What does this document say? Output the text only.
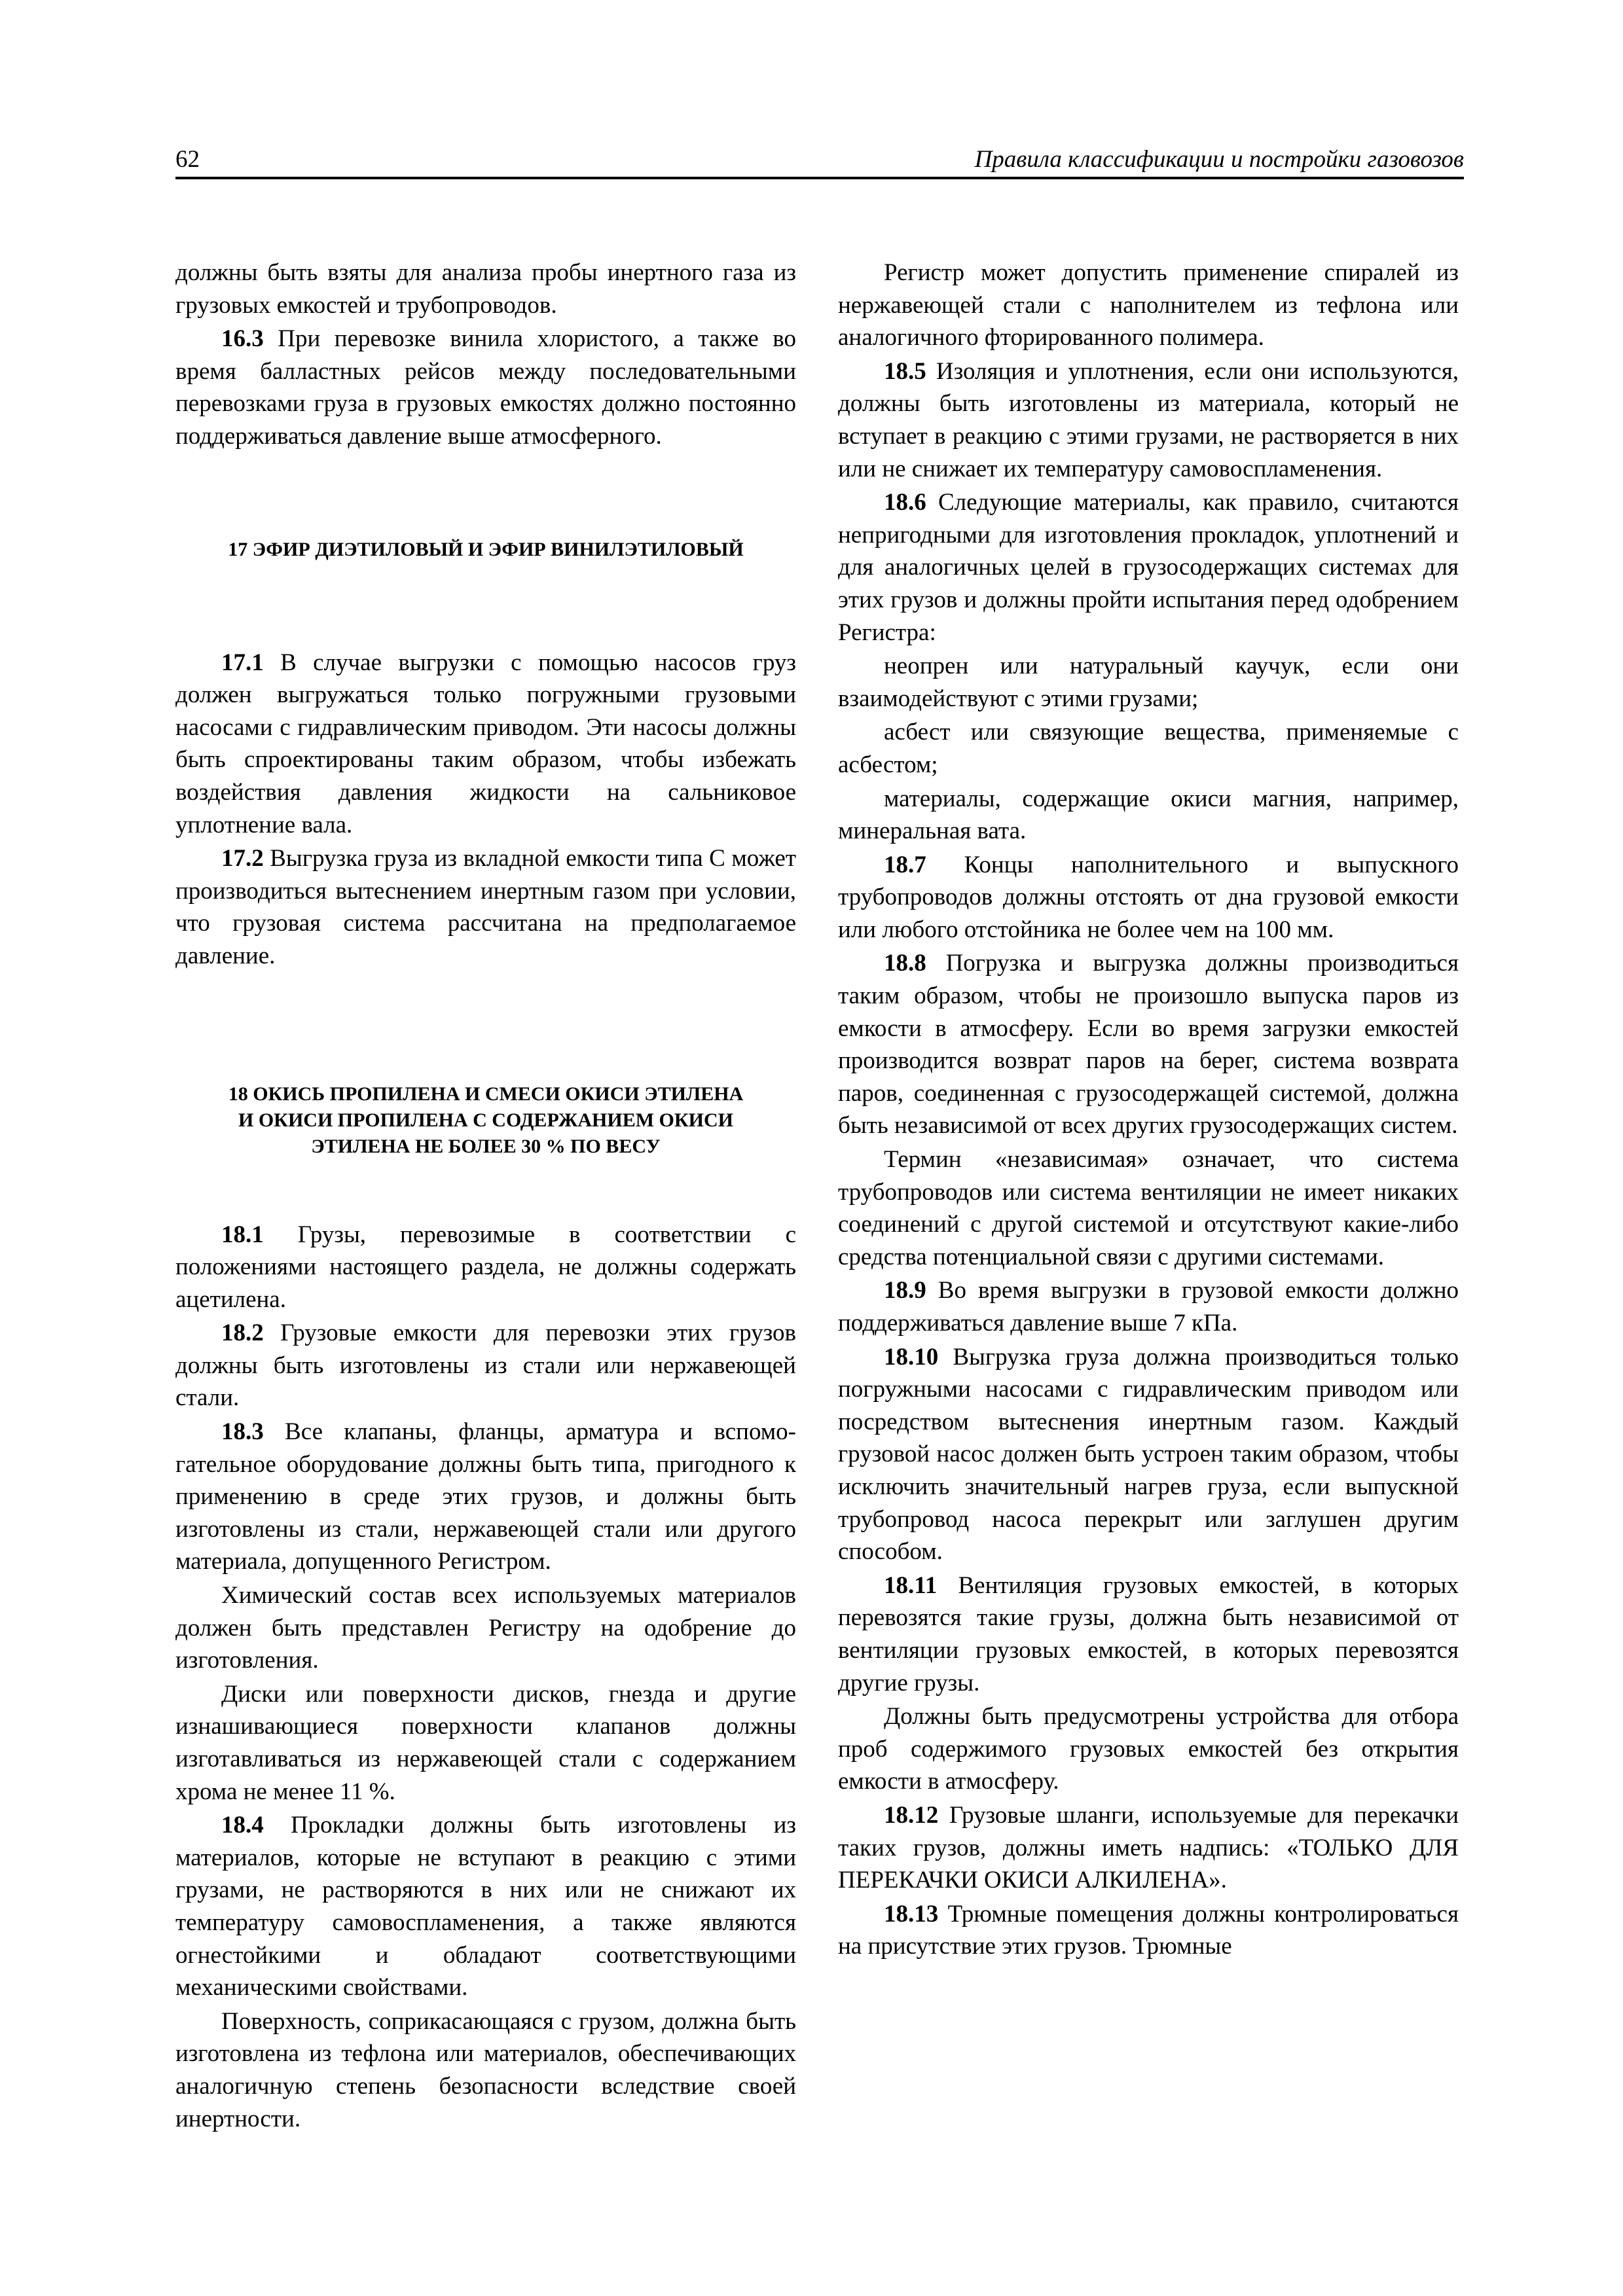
62	Правила классификации и постройки газовозов

должны быть взяты для анализа пробы инертного газа из грузовых емкостей и трубопроводов.

16.3 При перевозке винила хлористого, а также во время балластных рейсов между последовательными перевозками груза в грузовых емкостях должно постоянно поддерживаться давление выше атмосферного.

17 ЭФИР ДИЭТИЛОВЫЙ И ЭФИР ВИНИЛЭТИЛОВЫЙ

17.1 В случае выгрузки с помощью насосов груз должен выгружаться только погружными грузовыми насосами с гидравлическим приводом. Эти насосы должны быть спроектированы таким образом, чтобы избежать воздействия давления жидкости на сальниковое уплотнение вала.

17.2 Выгрузка груза из вкладной емкости типа С может производиться вытеснением инертным газом при условии, что грузовая система рассчитана на предполагаемое давление.

18 ОКИСЬ ПРОПИЛЕНА И СМЕСИ ОКИСИ ЭТИЛЕНА
И ОКИСИ ПРОПИЛЕНА С СОДЕРЖАНИЕМ ОКИСИ
ЭТИЛЕНА НЕ БОЛЕЕ 30 % ПО ВЕСУ

18.1 Грузы, перевозимые в соответствии с положениями настоящего раздела, не должны содержать ацетилена.

18.2 Грузовые емкости для перевозки этих грузов должны быть изготовлены из стали или нержавеющей стали.

18.3 Все клапаны, фланцы, арматура и вспомогательное оборудование должны быть типа, пригодного к применению в среде этих грузов, и должны быть изготовлены из стали, нержавеющей стали или другого материала, допущенного Регистром.

Химический состав всех используемых материалов должен быть представлен Регистру на одобрение до изготовления.

Диски или поверхности дисков, гнезда и другие изнашивающиеся поверхности клапанов должны изготавливаться из нержавеющей стали с содержанием хрома не менее 11 %.

18.4 Прокладки должны быть изготовлены из материалов, которые не вступают в реакцию с этими грузами, не растворяются в них или не снижают их температуру самовоспламенения, а также являются огнестойкими и обладают соответствующими механическими свойствами.

Поверхность, соприкасающаяся с грузом, должна быть изготовлена из тефлона или материалов, обеспечивающих аналогичную степень безопасности вследствие своей инертности.

Регистр может допустить применение спиралей из нержавеющей стали с наполнителем из тефлона или аналогичного фторированного полимера.

18.5 Изоляция и уплотнения, если они используются, должны быть изготовлены из материала, который не вступает в реакцию с этими грузами, не растворяется в них или не снижает их температуру самовоспламенения.

18.6 Следующие материалы, как правило, считаются непригодными для изготовления прокладок, уплотнений и для аналогичных целей в грузосодержащих системах для этих грузов и должны пройти испытания перед одобрением Регистра:

неопрен или натуральный каучук, если они взаимодействуют с этими грузами;

асбест или связующие вещества, применяемые с асбестом;

материалы, содержащие окиси магния, например, минеральная вата.

18.7 Концы наполнительного и выпускного трубопроводов должны отстоять от дна грузовой емкости или любого отстойника не более чем на 100 мм.

18.8 Погрузка и выгрузка должны производиться таким образом, чтобы не произошло выпуска паров из емкости в атмосферу. Если во время загрузки емкостей производится возврат паров на берег, система возврата паров, соединенная с грузосодержащей системой, должна быть независимой от всех других грузосодержащих систем.

Термин «независимая» означает, что система трубопроводов или система вентиляции не имеет никаких соединений с другой системой и отсутствуют какие-либо средства потенциальной связи с другими системами.

18.9 Во время выгрузки в грузовой емкости должно поддерживаться давление выше 7 кПа.

18.10 Выгрузка груза должна производиться только погружными насосами с гидравлическим приводом или посредством вытеснения инертным газом. Каждый грузовой насос должен быть устроен таким образом, чтобы исключить значительный нагрев груза, если выпускной трубопровод насоса перекрыт или заглушен другим способом.

18.11 Вентиляция грузовых емкостей, в которых перевозятся такие грузы, должна быть независимой от вентиляции грузовых емкостей, в которых перевозятся другие грузы.

Должны быть предусмотрены устройства для отбора проб содержимого грузовых емкостей без открытия емкости в атмосферу.

18.12 Грузовые шланги, используемые для перекачки таких грузов, должны иметь надпись: «ТОЛЬКО ДЛЯ ПЕРЕКАЧКИ ОКИСИ АЛКИЛЕНА».

18.13 Трюмные помещения должны контролироваться на присутствие этих грузов. Трюмные
